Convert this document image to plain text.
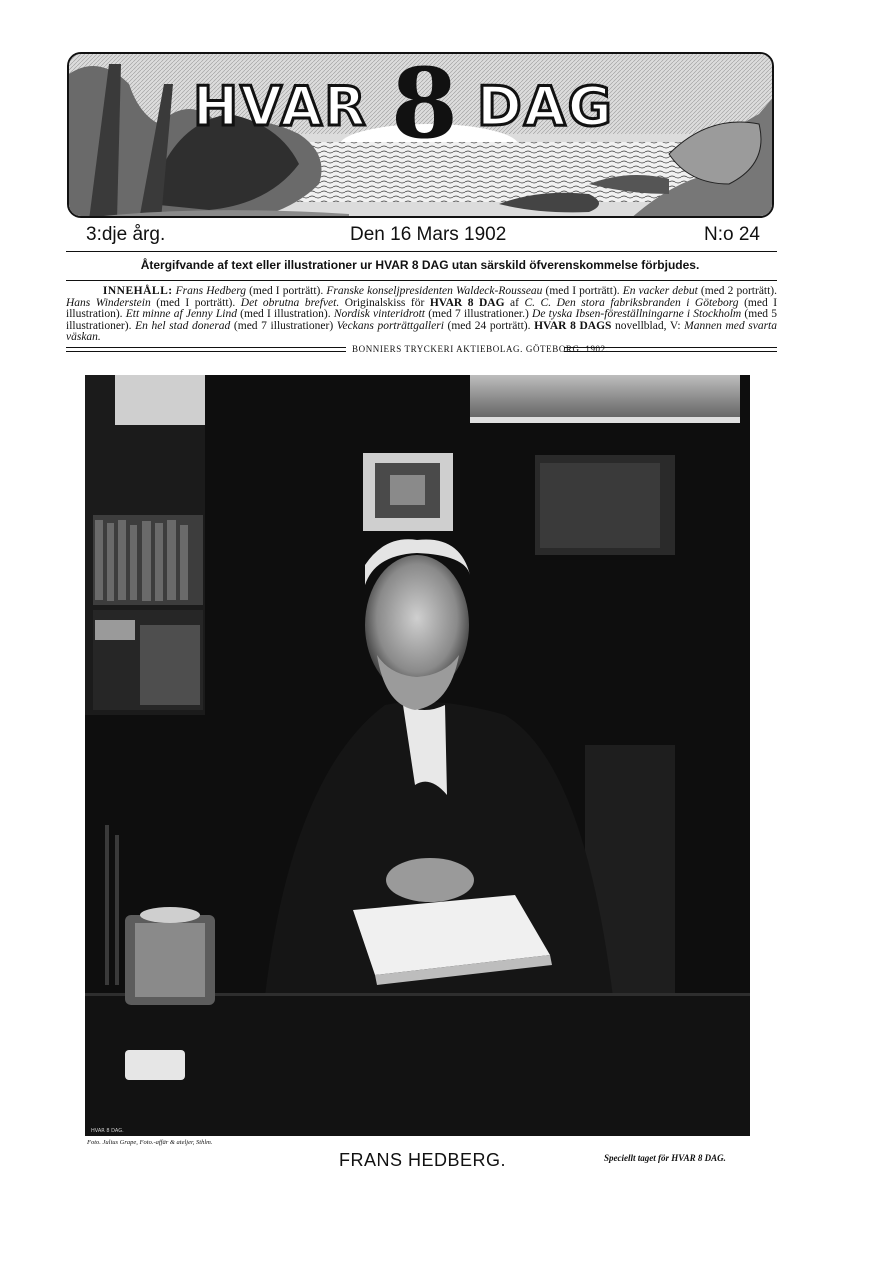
HVAR 8 DAG
3:dje årg.	Den 16 Mars 1902	N:o 24
Återgifvande af text eller illustrationer ur HVAR 8 DAG utan särskild öfverenskommelse förbjudes.
INNEHÅLL: Frans Hedberg (med I porträtt). Franske konseljpresidenten Waldeck-Rousseau (med I porträtt). En vacker debut (med 2 porträtt). Hans Winderstein (med I porträtt). Det obrutna brefvet. Originalskiss för HVAR 8 DAG af C. C. Den stora fabriksbranden i Göteborg (med I illustration). Ett minne af Jenny Lind (med I illustration). Nordisk vinteridrott (med 7 illustrationer.) De tyska Ibsen-föreställningarne i Stockholm (med 5 illustrationer). En hel stad donerad (med 7 illustrationer) Veckans porträttgalleri (med 24 porträtt). HVAR 8 DAGS novellblad, V: Mannen med svarta väskan.
BONNIERS TRYCKERI AKTIEBOLAG. GÖTEBORG. 1902.
HVAR 8 DAG.
Foto. Julius Grape, Foto.-affär & ateljer, Sthlm.
FRANS HEDBERG.	Speciellt taget för HVAR 8 DAG.
